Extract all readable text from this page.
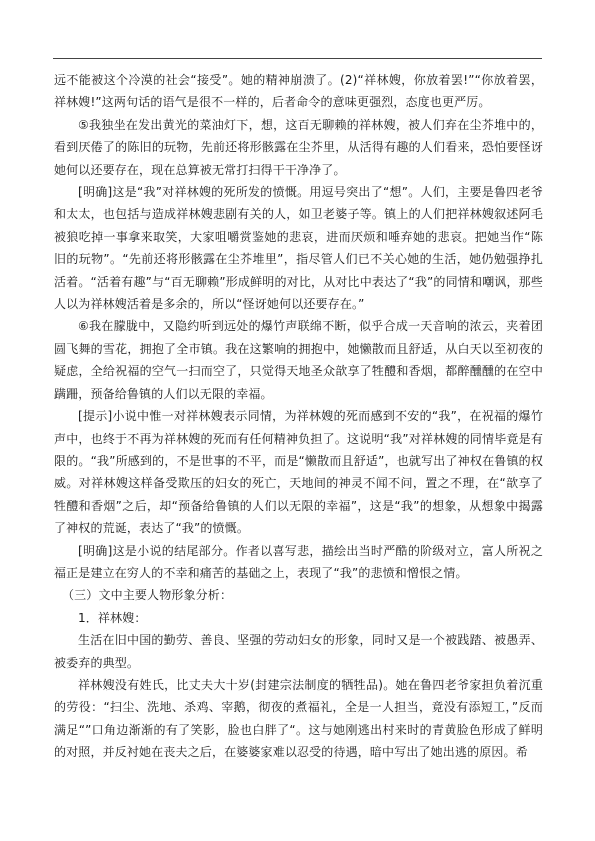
远不能被这个冷漠的社会“接受”。她的精神崩溃了。(2)“祥林嫂，你放着罢!”“你放着罢，祥林嫂!”这两句话的语气是很不一样的，后者命令的意味更强烈，态度也更严厉。

⑤我独坐在发出黄光的菜油灯下，想，这百无聊赖的祥林嫂，被人们弃在尘芥堆中的，看到厌倦了的陈旧的玩物，先前还将形骸露在尘芥里，从活得有趣的人们看来，恐怕要怪讶她何以还要存在，现在总算被无常打扫得干干净净了。

[明确]这是“我”对祥林嫂的死所发的愤慨。用逗号突出了“想”。人们，主要是鲁四老爷和太太，也包括与造成祥林嫂悲剧有关的人，如卫老婆子等。镇上的人们把祥林嫂叙述阿毛被狼吃掉一事拿来取笑，大家咀嚼赏鉴她的悲哀，进而厌烦和唾弃她的悲哀。把她当作“陈旧的玩物”。“先前还将形骸露在尘芥堆里”，指尽管人们已不关心她的生活，她仍勉强挣扎活着。“活着有趣”与“百无聊赖”形成鲜明的对比，从对比中表达了“我”的同情和嘲讽，那些人以为祥林嫂活着是多余的，所以“怪讶她何以还要存在。”

⑥我在朦胧中，又隐约听到远处的爆竹声联绵不断，似乎合成一天音响的浓云，夹着团圆飞舞的雪花，拥抱了全市镇。我在这繁响的拥抱中，她懒散而且舒适，从白天以至初夜的疑虑，全给祝福的空气一扫而空了，只觉得天地圣众歆享了牲醴和香烟，都醉醺醺的在空中蹒跚，预备给鲁镇的人们以无限的幸福。

[提示]小说中惟一对祥林嫂表示同情，为祥林嫂的死而感到不安的“我”，在祝福的爆竹声中，也终于不再为祥林嫂的死而有任何精神负担了。这说明“我”对祥林嫂的同情毕竟是有限的。“我”所感到的，不是世事的不平，而是“懒散而且舒适”，也就写出了神权在鲁镇的权威。对祥林嫂这样备受欺压的妇女的死亡，天地间的神灵不闻不问，置之不理，在“歆享了牲醴和香烟”之后，却“预备给鲁镇的人们以无限的幸福”，这是“我”的想象，从想象中揭露了神权的荒诞，表达了“我”的愤慨。

[明确]这是小说的结尾部分。作者以喜写悲，描绘出当时严酷的阶级对立，富人所祝之福正是建立在穷人的不幸和痛苦的基础之上，表现了“我”的悲愤和憎恨之情。

（三）文中主要人物形象分析：

1．祥林嫂：

生活在旧中国的勤劳、善良、坚强的劳动妇女的形象，同时又是一个被践踏、被愚弄、被委弃的典型。

祥林嫂没有姓氏，比丈夫大十岁(封建宗法制度的牺牲品)。她在鲁四老爷家担负着沉重的劳役：“扫尘、洗地、杀鸡、宰鹅，彻夜的煮福礼，全是一人担当，竟没有添短工，”反而满足“”口角边渐渐的有了笑影，脸也白胖了“。这与她刚逃出村来时的青黄脸色形成了鲜明的对照，并反衬她在丧夫之后，在婆婆家难以忍受的待遇，暗中写出了她出逃的原因。希
